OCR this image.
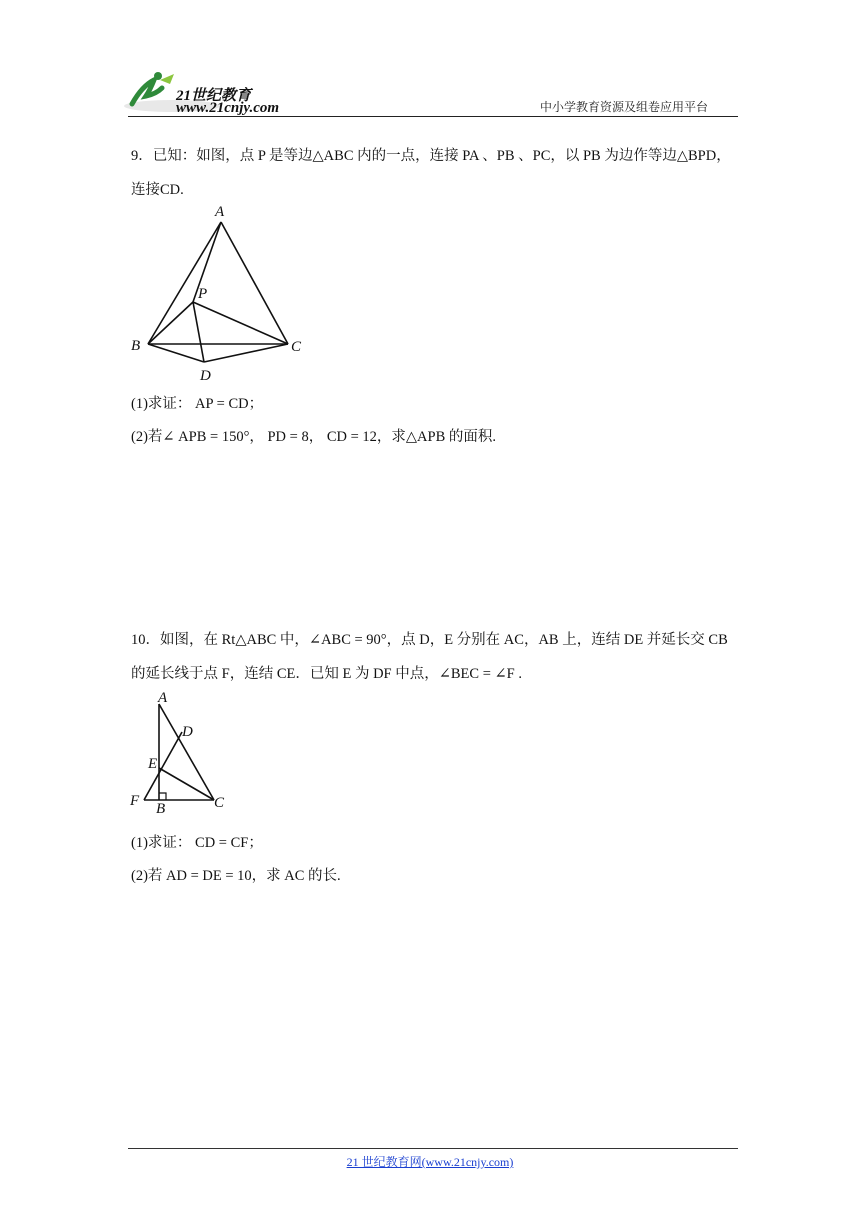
21世纪教育
www.21cnjy.com	中小学教育资源及组卷应用平台
9．已知：如图，点 P 是等边△ABC 内的一点，连接 PA 、PB 、PC，以 PB 为边作等边△BPD，
连接CD.
A
P
B	C
D
(1)求证： AP = CD；
(2)若∠ APB = 150°， PD = 8， CD = 12，求△APB 的面积.
10．如图，在 Rt△ABC 中，∠ABC = 90°，点 D，E 分别在 AC，AB 上，连结 DE 并延长交 CB
的延长线于点 F，连结 CE．已知 E 为 DF 中点，∠BEC = ∠F .
A
D
E
F B	C
(1)求证： CD = CF；
(2)若 AD = DE = 10，求 AC 的长.
21 世纪教育网(www.21cnjy.com)
